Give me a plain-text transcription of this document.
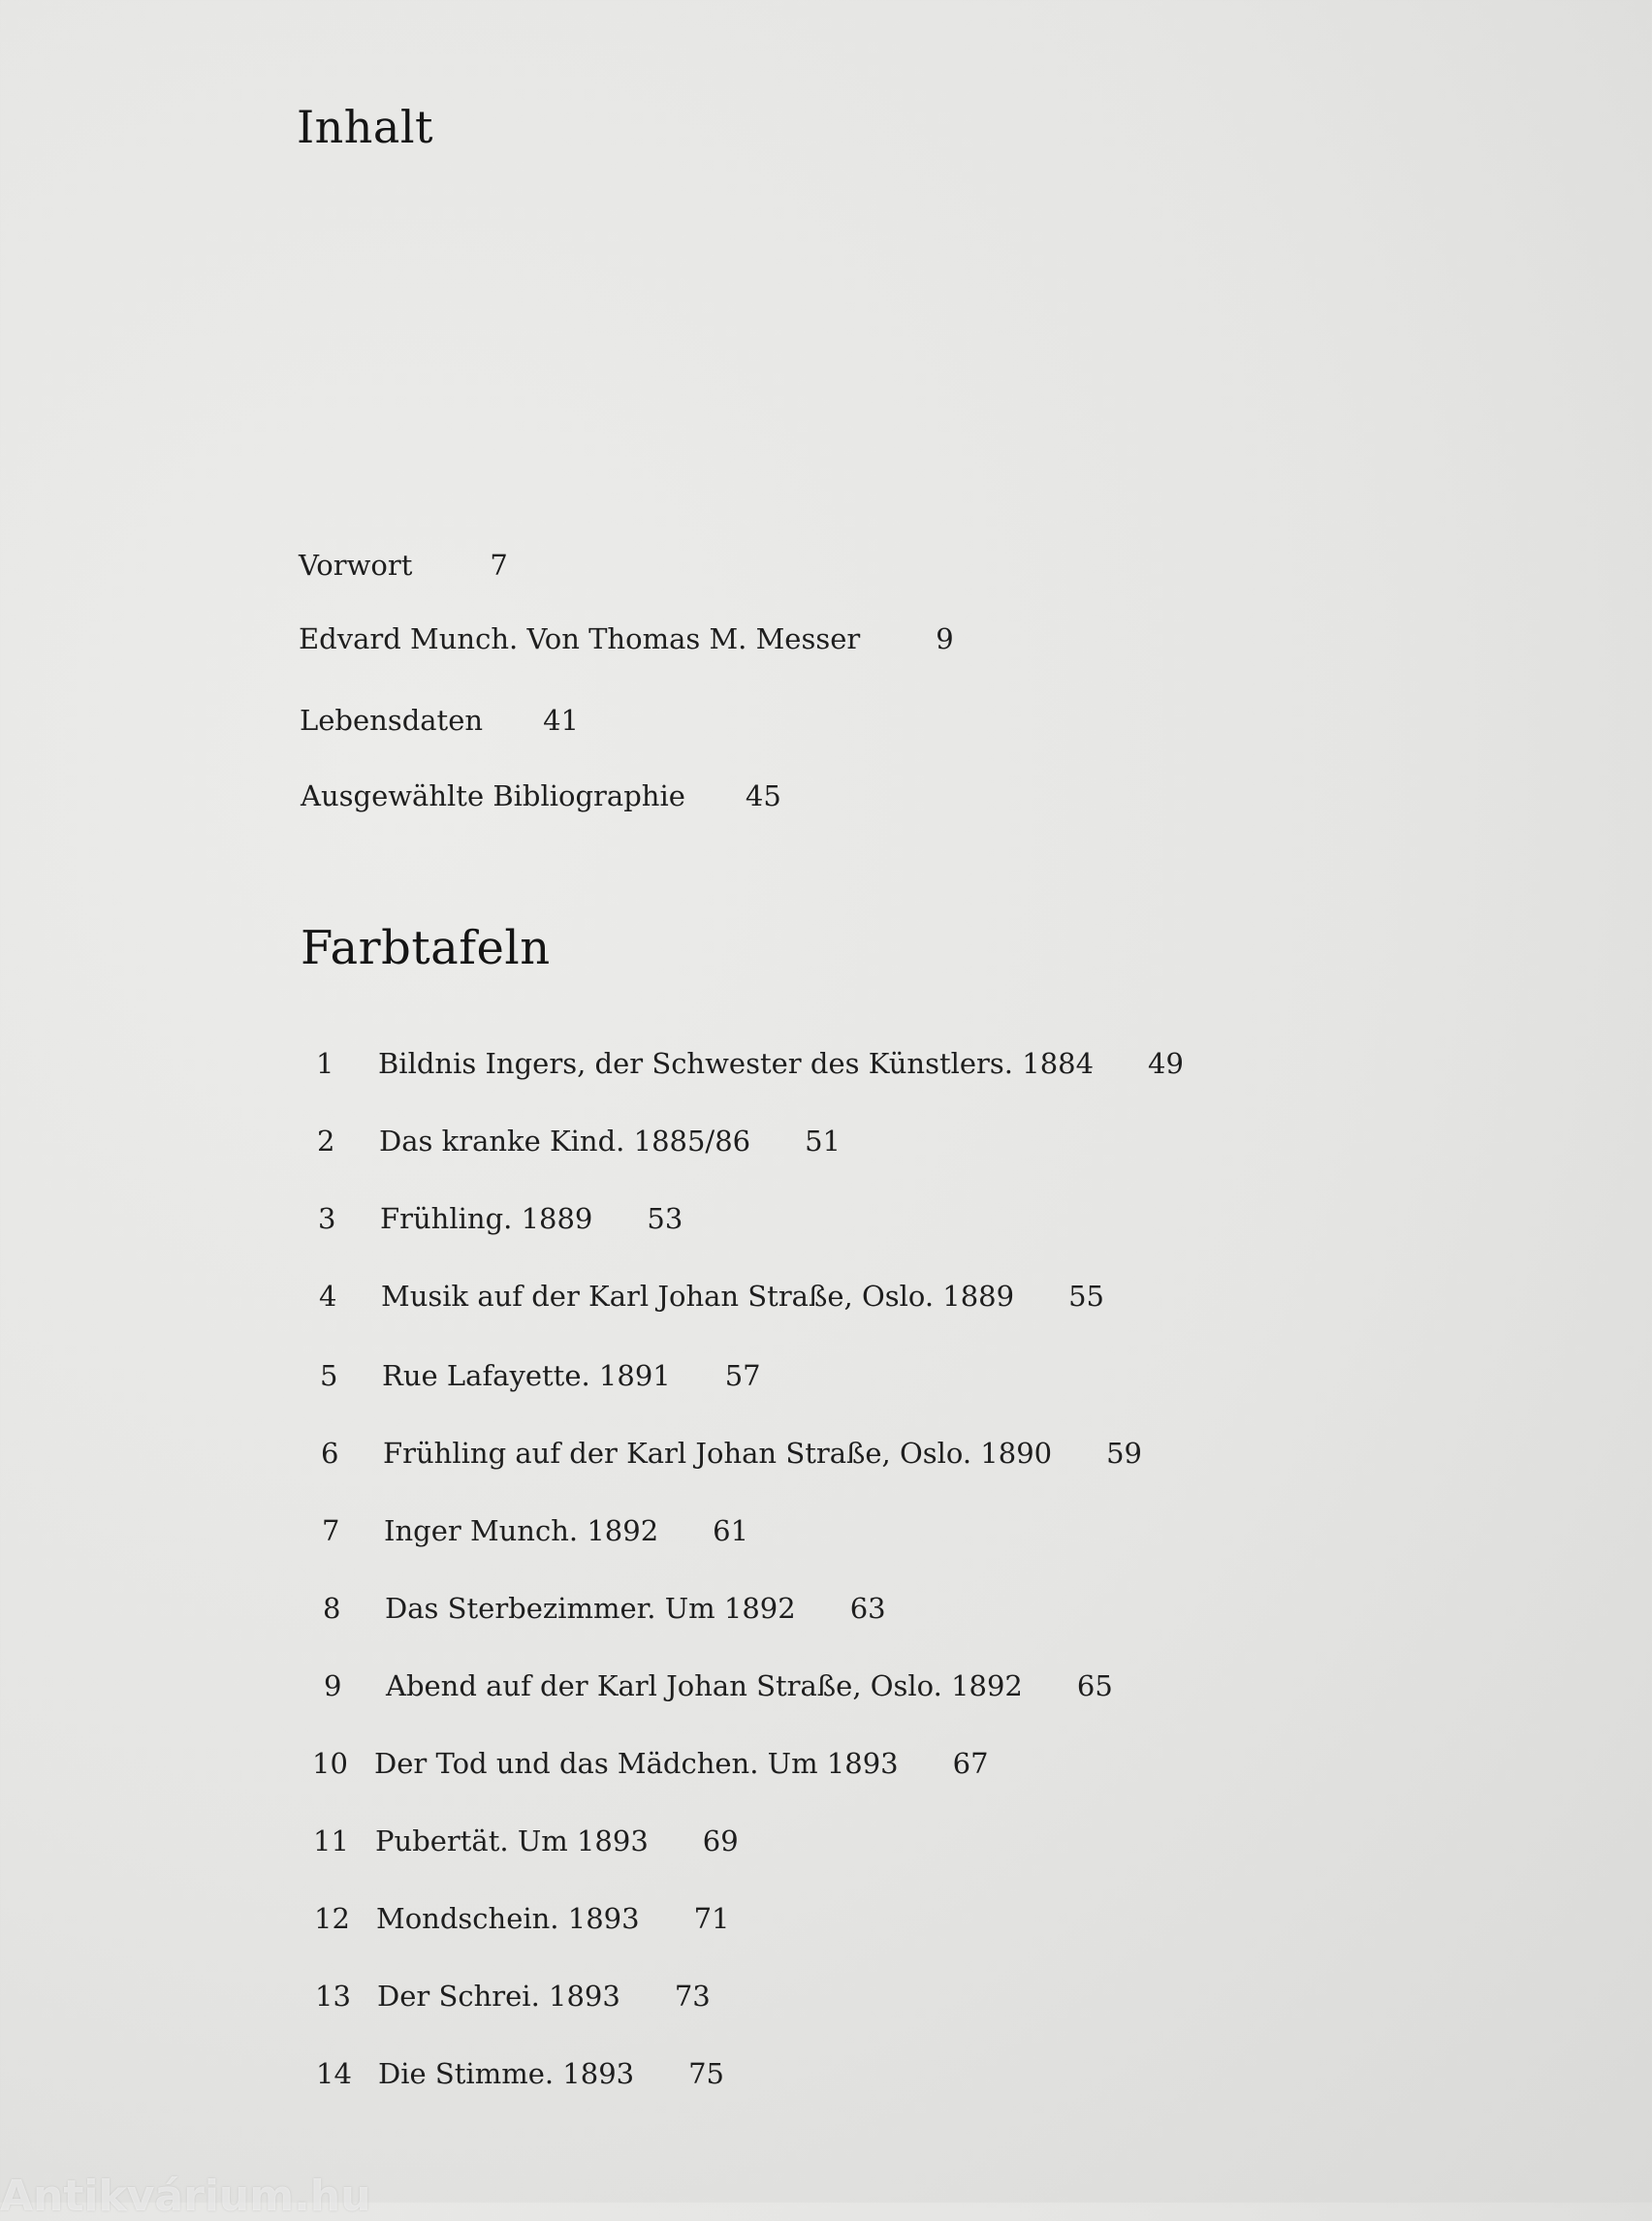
Inhalt
Vorwort	7
Edvard Munch. Von Thomas M. Messer	9
Lebensdaten 41
Ausgewählte Bibliographie 45
Farbtafeln
1 Bildnis Ingers, der Schwester des Künstlers. 1884 49
2 Das kranke Kind. 1885/86 51
3 Frühling. 1889 53
4 Musik auf der Karl Johan Straße, Oslo. 1889 55
5 Rue Lafayette. 1891 57
6 Frühling auf der Karl Johan Straße, Oslo. 1890 59
7 Inger Munch. 1892 61
8 Das Sterbezimmer. Um 1892 63
9 Abend auf der Karl Johan Straße, Oslo. 1892 65
10 Der Tod und das Mädchen. Um 1893 67
11 Pubertät. Um 1893 69
12 Mondschein. 1893 71
13 Der Schrei. 1893 73
14 Die Stimme. 1893 75
Antikvárium.hu
